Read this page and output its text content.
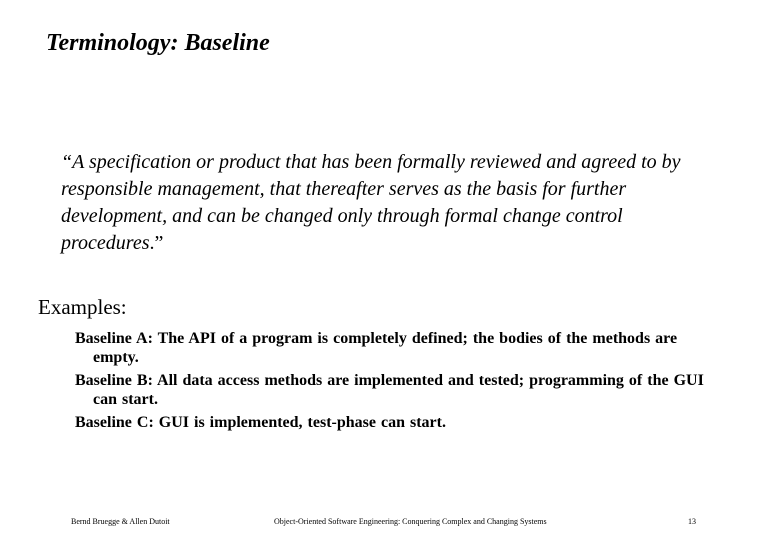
Terminology: Baseline
“A specification or product that has been formally reviewed and agreed to by responsible management, that thereafter serves as the basis for further development, and can be changed only through formal change control procedures.”
Examples:
Baseline A: The API of a program is completely defined; the bodies of the methods are empty.
Baseline B: All data access methods are implemented and tested; programming of the GUI can start.
Baseline C: GUI is implemented, test-phase can start.
Bernd Bruegge & Allen Dutoit	Object-Oriented Software Engineering: Conquering Complex and Changing Systems	13
